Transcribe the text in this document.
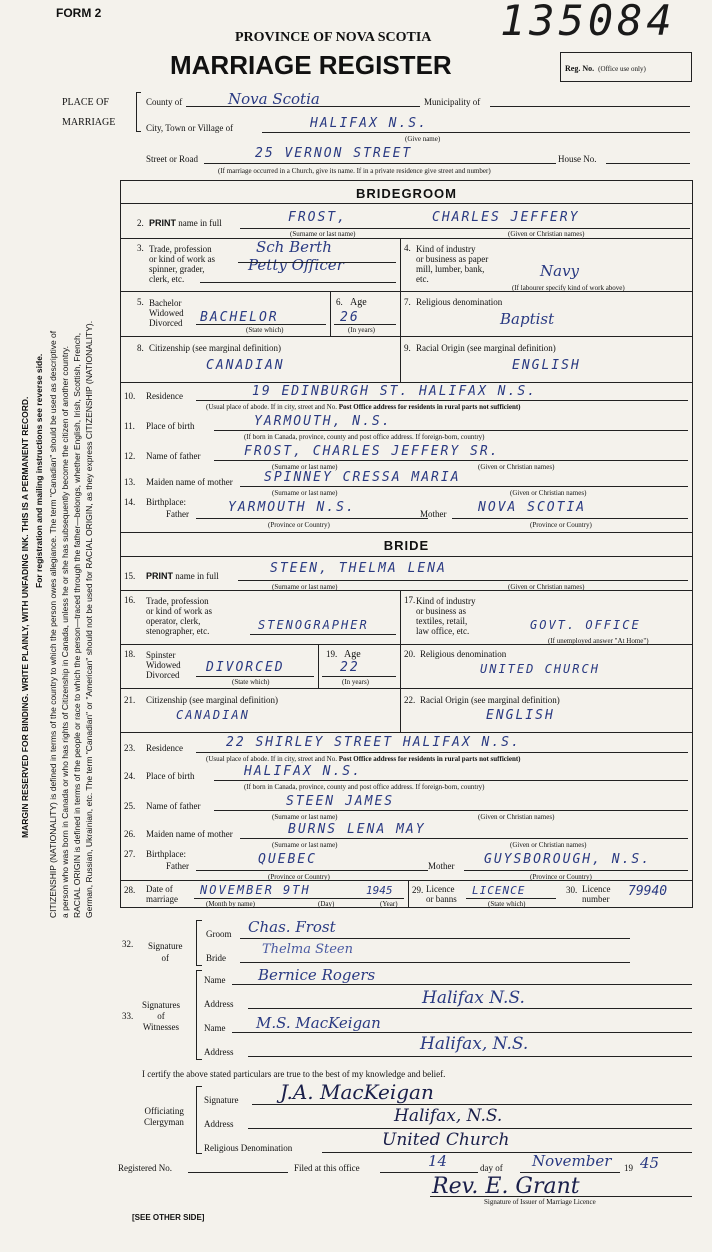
FORM 2	135084
PROVINCE OF NOVA SCOTIA
MARRIAGE REGISTER	Reg. No. (Office use only)
PLACE OF
MARRIAGE
County of	Nova Scotia	Municipality of
City, Town or Village of	HALIFAX N.S.
(Give name)
Street or Road	25 VERNON STREET	House No.
(If marriage occurred in a Church, give its name. If in a private residence give street and number)
MARGIN RESERVED FOR BINDING. WRITE PLAINLY, WITH UNFADING INK. THIS IS A PERMANENT RECORD. For registration and mailing instructions see reverse side. CITIZENSHIP (NATIONALITY) is defined in terms of the country to which the person owes allegiance. The term "Canadian" should be used as descriptive of a person who was born in Canada or who has rights of Citizenship in Canada, unless he or she has subsequently become the citizen of another country. RACIAL ORIGIN is defined in terms of the people or race to which the person—traced through the father—belongs, whether English, Irish, Scottish, French, German, Russian, Ukrainian, etc. The term "Canadian" or "American" should not be used for RACIAL ORIGIN, as they express CITIZENSHIP (NATIONALITY).
BRIDEGROOM
2. PRINT name in full	FROST,	CHARLES JEFFERY
(Surname or last name)	(Given or Christian names)
3. Trade, profession
or kind of work as
spinner, grader,
clerk, etc.
Sch Berth
Petty Officer
4. Kind of industry
or business as paper
mill, lumber, bank,
etc.	Navy
(If labourer specify kind of work above)
5. Bachelor
Widowed
Divorced BACHELOR
(State which)
6. Age
26
(In years)
7. Religious denomination
Baptist
8. Citizenship (see marginal definition)
CANADIAN
9. Racial Origin (see marginal definition)
ENGLISH
10. Residence	19 EDINBURGH ST. HALIFAX N.S.
(Usual place of abode. If in city, street and No. Post Office address for residents in rural parts not sufficient)
11. Place of birth	YARMOUTH, N.S.
(If born in Canada, province, county and post office address. If foreign-born, country)
12. Name of father	FROST, CHARLES JEFFERY SR.
(Surname or last name)	(Given or Christian names)
13. Maiden name of mother SPINNEY CRESSA MARIA
(Surname or last name)	(Given or Christian names)
14. Birthplace:
Father	YARMOUTH N.S.	Mother NOVA SCOTIA
(Province or Country)	(Province or Country)
BRIDE
15. PRINT name in full	STEEN, THELMA LENA
(Surname or last name)	(Given or Christian names)
16. Trade, profession
or kind of work as
operator, clerk,
stenographer, etc.	STENOGRAPHER
17. Kind of industry
or business as
textiles, retail,
law office, etc.	GOVT. OFFICE
(If unemployed answer "At Home")
18. Spinster
Widowed
Divorced DIVORCED
(State which)
19. Age
22
(In years)
20. Religious denomination
UNITED CHURCH
21. Citizenship (see marginal definition)
CANADIAN
22. Racial Origin (see marginal definition)
ENGLISH
23. Residence	22 SHIRLEY STREET HALIFAX N.S.
(Usual place of abode. If in city, street and No. Post Office address for residents in rural parts not sufficient)
24. Place of birth	HALIFAX N.S.
(If born in Canada, province, county and post office address. If foreign-born, country)
25. Name of father	STEEN JAMES
(Surname or last name)	(Given or Christian names)
26. Maiden name of mother	BURNS LENA MAY
(Surname or last name)	(Given or Christian names)
27. Birthplace:
Father	QUEBEC	Mother GUYSBOROUGH, N.S.
(Province or Country)	(Province or Country)
28. Date of
marriage
NOVEMBER 9TH	1945
(Month by name)	(Day)	(Year)
29. Licence
or banns
LICENCE
(State which)
30. Licence
number 79940
32. Signature
of
Groom Chas. Frost
Bride
Thelma Steen
33.
Signatures
of
Witnesses
Name Bernice Rogers
Address	Halifax N.S.
Name M.S. MacKeigan
Address	Halifax, N.S.
I certify the above stated particulars are true to the best of my knowledge and belief.
Officiating
Clergyman
Signature J.A. MacKeigan
Address	Halifax, N.S.
Religious Denomination	United Church
Registered No.	Filed at this office	14	day of November 19 45
Rev. E. Grant
Signature of Issuer of Marriage Licence
[SEE OTHER SIDE]
